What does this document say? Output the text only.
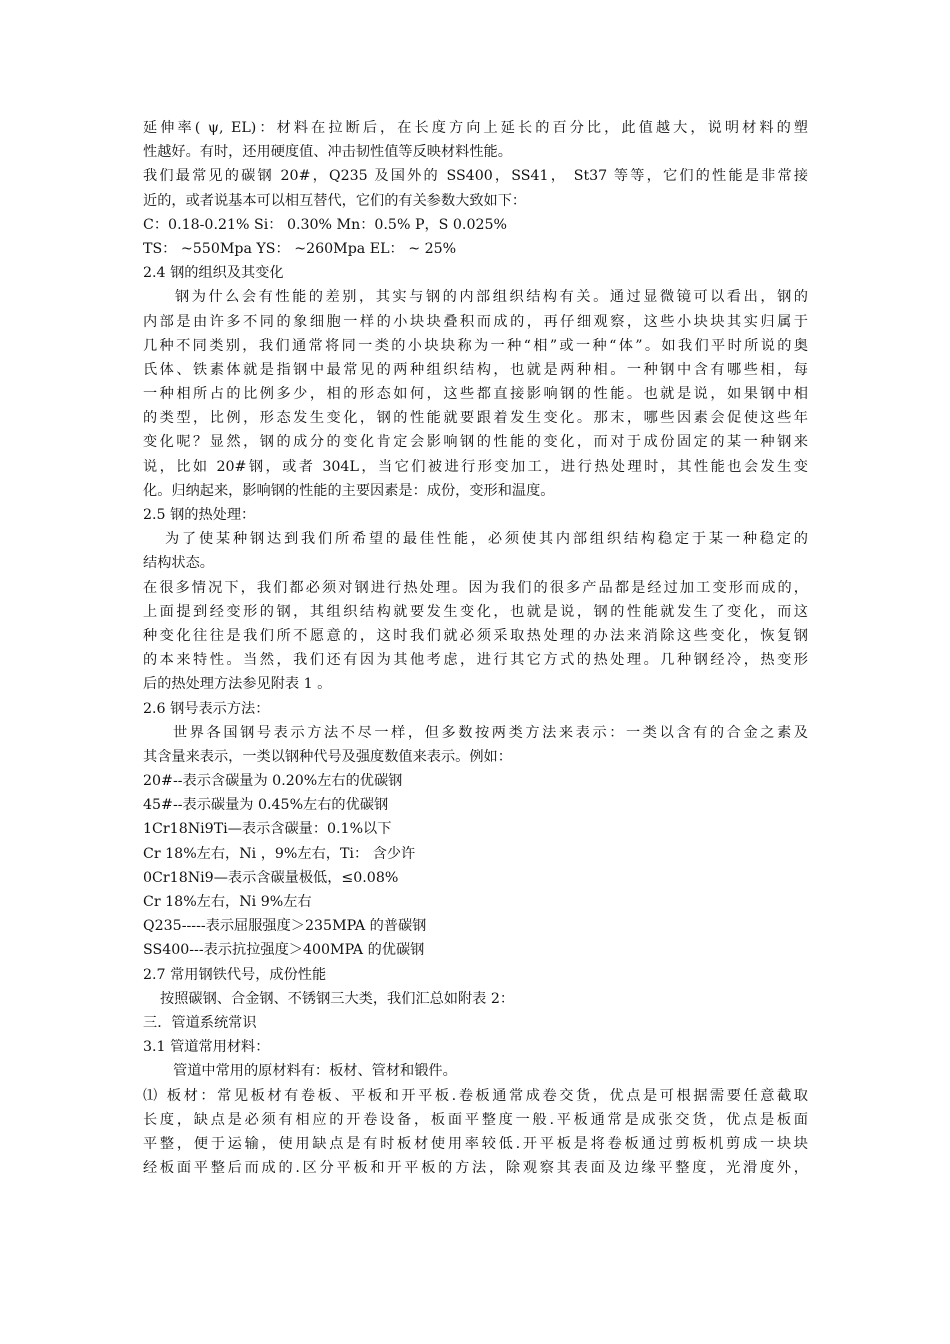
延伸率( ψ, EL)：材料在拉断后，在长度方向上延长的百分比，此值越大，说明材料的塑
性越好。有时，还用硬度值、冲击韧性值等反映材料性能。
我们最常见的碳钢 20#，Q235 及国外的 SS400，SS41， St37 等等，它们的性能是非常接
近的，或者说基本可以相互替代，它们的有关参数大致如下：
C：0.18-0.21% Si： 0.30% Mn：0.5% P，S 0.025%
TS： ~550Mpa YS： ~260Mpa EL： ~ 25%
2.4 钢的组织及其变化
钢为什么会有性能的差别，其实与钢的内部组织结构有关。通过显微镜可以看出，钢的
内部是由许多不同的象细胞一样的小块块叠积而成的，再仔细观察，这些小块块其实归属于
几种不同类别，我们通常将同一类的小块块称为一种“相”或一种“体”。如我们平时所说的奥
氏体、铁素体就是指钢中最常见的两种组织结构，也就是两种相。一种钢中含有哪些相，每
一种相所占的比例多少，相的形态如何，这些都直接影响钢的性能。也就是说，如果钢中相
的类型，比例，形态发生变化，钢的性能就要跟着发生变化。那末，哪些因素会促使这些年
变化呢？显然，钢的成分的变化肯定会影响钢的性能的变化，而对于成份固定的某一种钢来
说，比如 20#钢，或者 304L，当它们被进行形变加工，进行热处理时，其性能也会发生变
化。归纳起来，影响钢的性能的主要因素是：成份，变形和温度。
2.5 钢的热处理：
为了使某种钢达到我们所希望的最佳性能，必须使其内部组织结构稳定于某一种稳定的
结构状态。
在很多情况下，我们都必须对钢进行热处理。因为我们的很多产品都是经过加工变形而成的，
上面提到经变形的钢，其组织结构就要发生变化，也就是说，钢的性能就发生了变化，而这
种变化往往是我们所不愿意的，这时我们就必须采取热处理的办法来消除这些变化，恢复钢
的本来特性。当然，我们还有因为其他考虑，进行其它方式的热处理。几种钢经冷，热变形
后的热处理方法参见附表 1 。
2.6 钢号表示方法：
世界各国钢号表示方法不尽一样，但多数按两类方法来表示：一类以含有的合金之素及
其含量来表示，一类以钢种代号及强度数值来表示。例如：
20#--表示含碳量为 0.20%左右的优碳钢
45#--表示碳量为 0.45%左右的优碳钢
1Cr18Ni9Ti—表示含碳量：0.1%以下
Cr 18%左右，Ni ，9%左右，Ti： 含少许
0Cr18Ni9—表示含碳量极低，≤0.08%
Cr 18%左右，Ni 9%左右
Q235-----表示屈服强度＞235MPA 的普碳钢
SS400---表示抗拉强度＞400MPA 的优碳钢
2.7 常用钢铁代号，成份性能
按照碳钢、合金钢、不锈钢三大类，我们汇总如附表 2：
三．管道系统常识
3.1 管道常用材料：
管道中常用的原材料有：板材、管材和锻件。
⑴ 板材：常见板材有卷板、平板和开平板.卷板通常成卷交货，优点是可根据需要任意截取
长度，缺点是必须有相应的开卷设备，板面平整度一般.平板通常是成张交货，优点是板面
平整，便于运输，使用缺点是有时板材使用率较低.开平板是将卷板通过剪板机剪成一块块
经板面平整后而成的.区分平板和开平板的方法，除观察其表面及边缘平整度，光滑度外，
